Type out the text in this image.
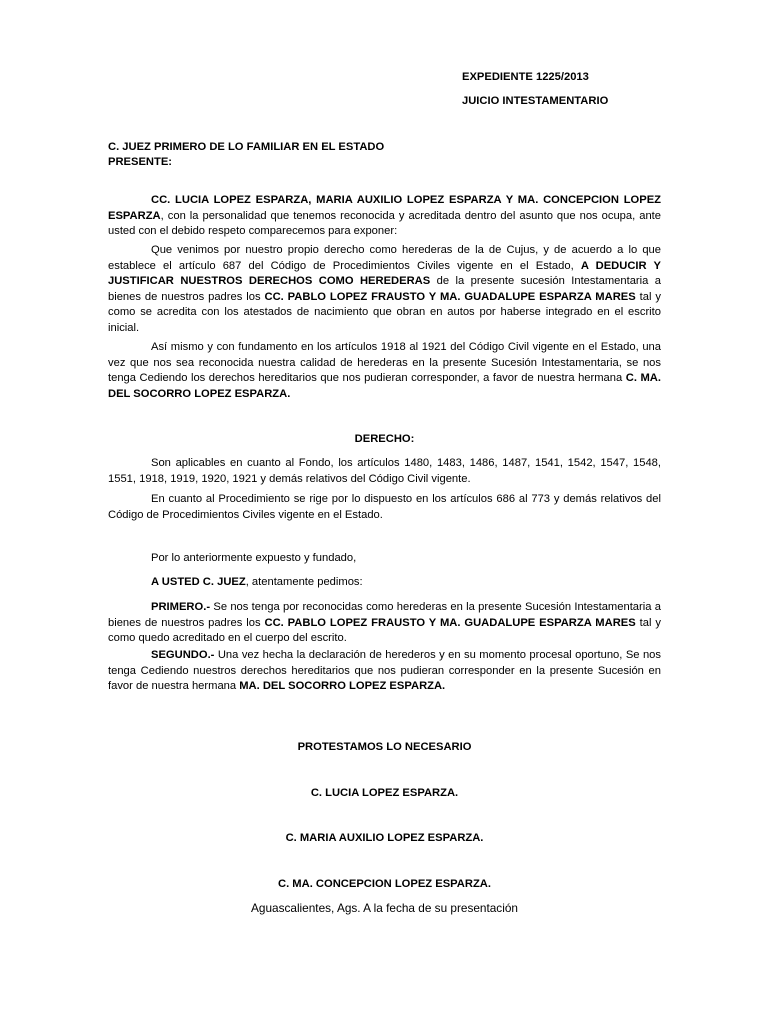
EXPEDIENTE 1225/2013
JUICIO INTESTAMENTARIO
C. JUEZ PRIMERO DE LO FAMILIAR EN EL ESTADO
PRESENTE:

CC. LUCIA LOPEZ ESPARZA, MARIA AUXILIO LOPEZ ESPARZA Y MA. CONCEPCION LOPEZ ESPARZA, con la personalidad que tenemos reconocida y acreditada dentro del asunto que nos ocupa, ante usted con el debido respeto comparecemos para exponer:

Que venimos por nuestro propio derecho como herederas de la de Cujus, y de acuerdo a lo que establece el artículo 687 del Código de Procedimientos Civiles vigente en el Estado, A DEDUCIR Y JUSTIFICAR NUESTROS DERECHOS COMO HEREDERAS de la presente sucesión Intestamentaria a bienes de nuestros padres los CC. PABLO LOPEZ FRAUSTO Y MA. GUADALUPE ESPARZA MARES tal y como se acredita con los atestados de nacimiento que obran en autos por haberse integrado en el escrito inicial.

Así mismo y con fundamento en los artículos 1918 al 1921 del Código Civil vigente en el Estado, una vez que nos sea reconocida nuestra calidad de herederas en la presente Sucesión Intestamentaria, se nos tenga Cediendo los derechos hereditarios que nos pudieran corresponder, a favor de nuestra hermana C. MA. DEL SOCORRO LOPEZ ESPARZA.

DERECHO:

Son aplicables en cuanto al Fondo, los artículos 1480, 1483, 1486, 1487, 1541, 1542, 1547, 1548, 1551, 1918, 1919, 1920, 1921 y demás relativos del Código Civil vigente.

En cuanto al Procedimiento se rige por lo dispuesto en los artículos 686 al 773 y demás relativos del Código de Procedimientos Civiles vigente en el Estado.

Por lo anteriormente expuesto y fundado,
A USTED C. JUEZ, atentamente pedimos:

PRIMERO.- Se nos tenga por reconocidas como herederas en la presente Sucesión Intestamentaria a bienes de nuestros padres los CC. PABLO LOPEZ FRAUSTO Y MA. GUADALUPE ESPARZA MARES tal y como quedo acreditado en el cuerpo del escrito.

SEGUNDO.- Una vez hecha la declaración de herederos y en su momento procesal oportuno, Se nos tenga Cediendo nuestros derechos hereditarios que nos pudieran corresponder en la presente Sucesión en favor de nuestra hermana MA. DEL SOCORRO LOPEZ ESPARZA.

PROTESTAMOS LO NECESARIO
C. LUCIA LOPEZ ESPARZA.
C. MARIA AUXILIO LOPEZ ESPARZA.
C. MA. CONCEPCION LOPEZ ESPARZA.
Aguascalientes, Ags. A la fecha de su presentación
